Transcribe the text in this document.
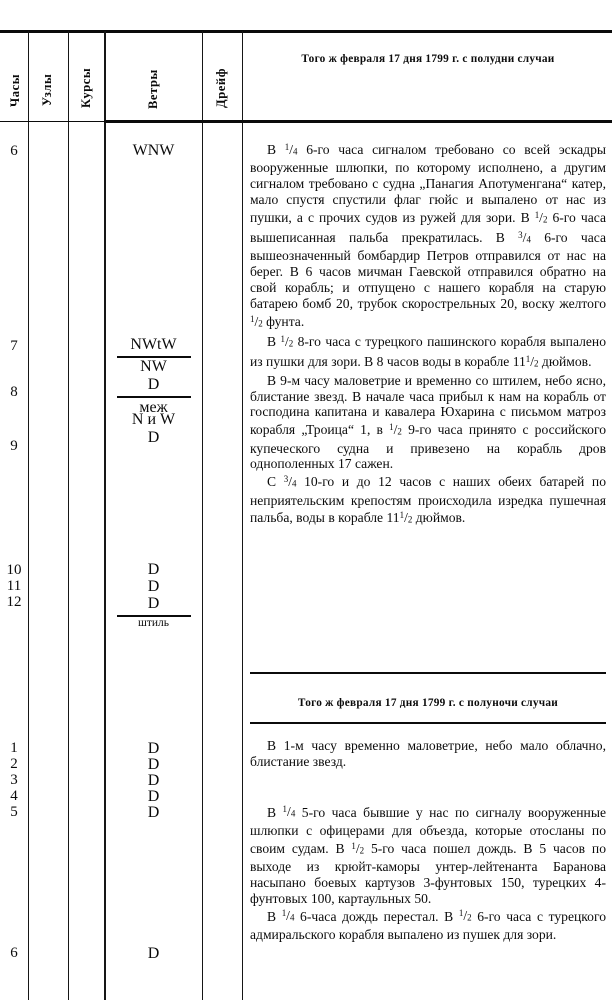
Часы Узлы Курсы	Ветры	Дрейф
Того ж февраля 17 дня 1799 г. с полудни случаи
6
7
8
9
10
11
12
WNW
NWtW
NW
D
меж
N и W
D
D
D
D
штиль

В $^1/_4$ 6-го часа сигналом требовано со всей эскадры вооруженные шлюпки, по которому исполнено, а другим сигналом требовано с судна „Панагия Апотуменгана“ катер, мало спустя спустили флаг гюйс и выпалено от нас из пушки, а с прочих судов из ружей для зори. В $^1/_2$ 6-го часа вышеписанная пальба прекратилась. В $^3/_4$ 6-го часа вышеозначенный бомбардир Петров отправился от нас на берег. В 6 часов мичман Гаевской отправился обратно на свой корабль; и отпущено с нашего корабля на старую батарею бомб 20, трубок скорострельных 20, воску желтого $^1/_2$ фунта.

В $^1/_2$ 8-го часа с турецкого пашинского корабля выпалено из пушки для зори. В 8 часов воды в корабле $11^1/_2$ дюймов.

В 9-м часу маловетрие и временно со штилем, небо ясно, блистание звезд. В начале часа прибыл к нам на корабль от господина капитана и кавалера Юхарина с письмом матроз корабля „Троица“ 1, в $^1/_2$ 9-го часа принято с российского купеческого судна и привезено на корабль дров однополенных 17 сажен.

С $^3/_4$ 10-го и до 12 часов с наших обеих батарей по неприятельским крепостям происходила изредка пушечная пальба, воды в корабле $11^1/_2$ дюймов.

Того ж февраля 17 дня 1799 г. с полуночи случаи
1
2
3
4
5
6
D
D
D
D
D
D

В 1-м часу временно маловетрие, небо мало облачно, блистание звезд.

В $^1/_4$ 5-го часа бывшие у нас по сигналу вооруженные шлюпки с офицерами для объезда, которые отосланы по своим судам. В $^1/_2$ 5-го часа пошел дождь. В 5 часов по выходе из крюйт-каморы унтер-лейтенанта Баранова насыпано боевых картузов 3-фунтовых 150, турецких 4-фунтовых 100, картаульных 50.

В $^1/_4$ 6-часа дождь перестал. В $^1/_2$ 6-го часа с турецкого адмиральского корабля выпалено из пушек для зори.
